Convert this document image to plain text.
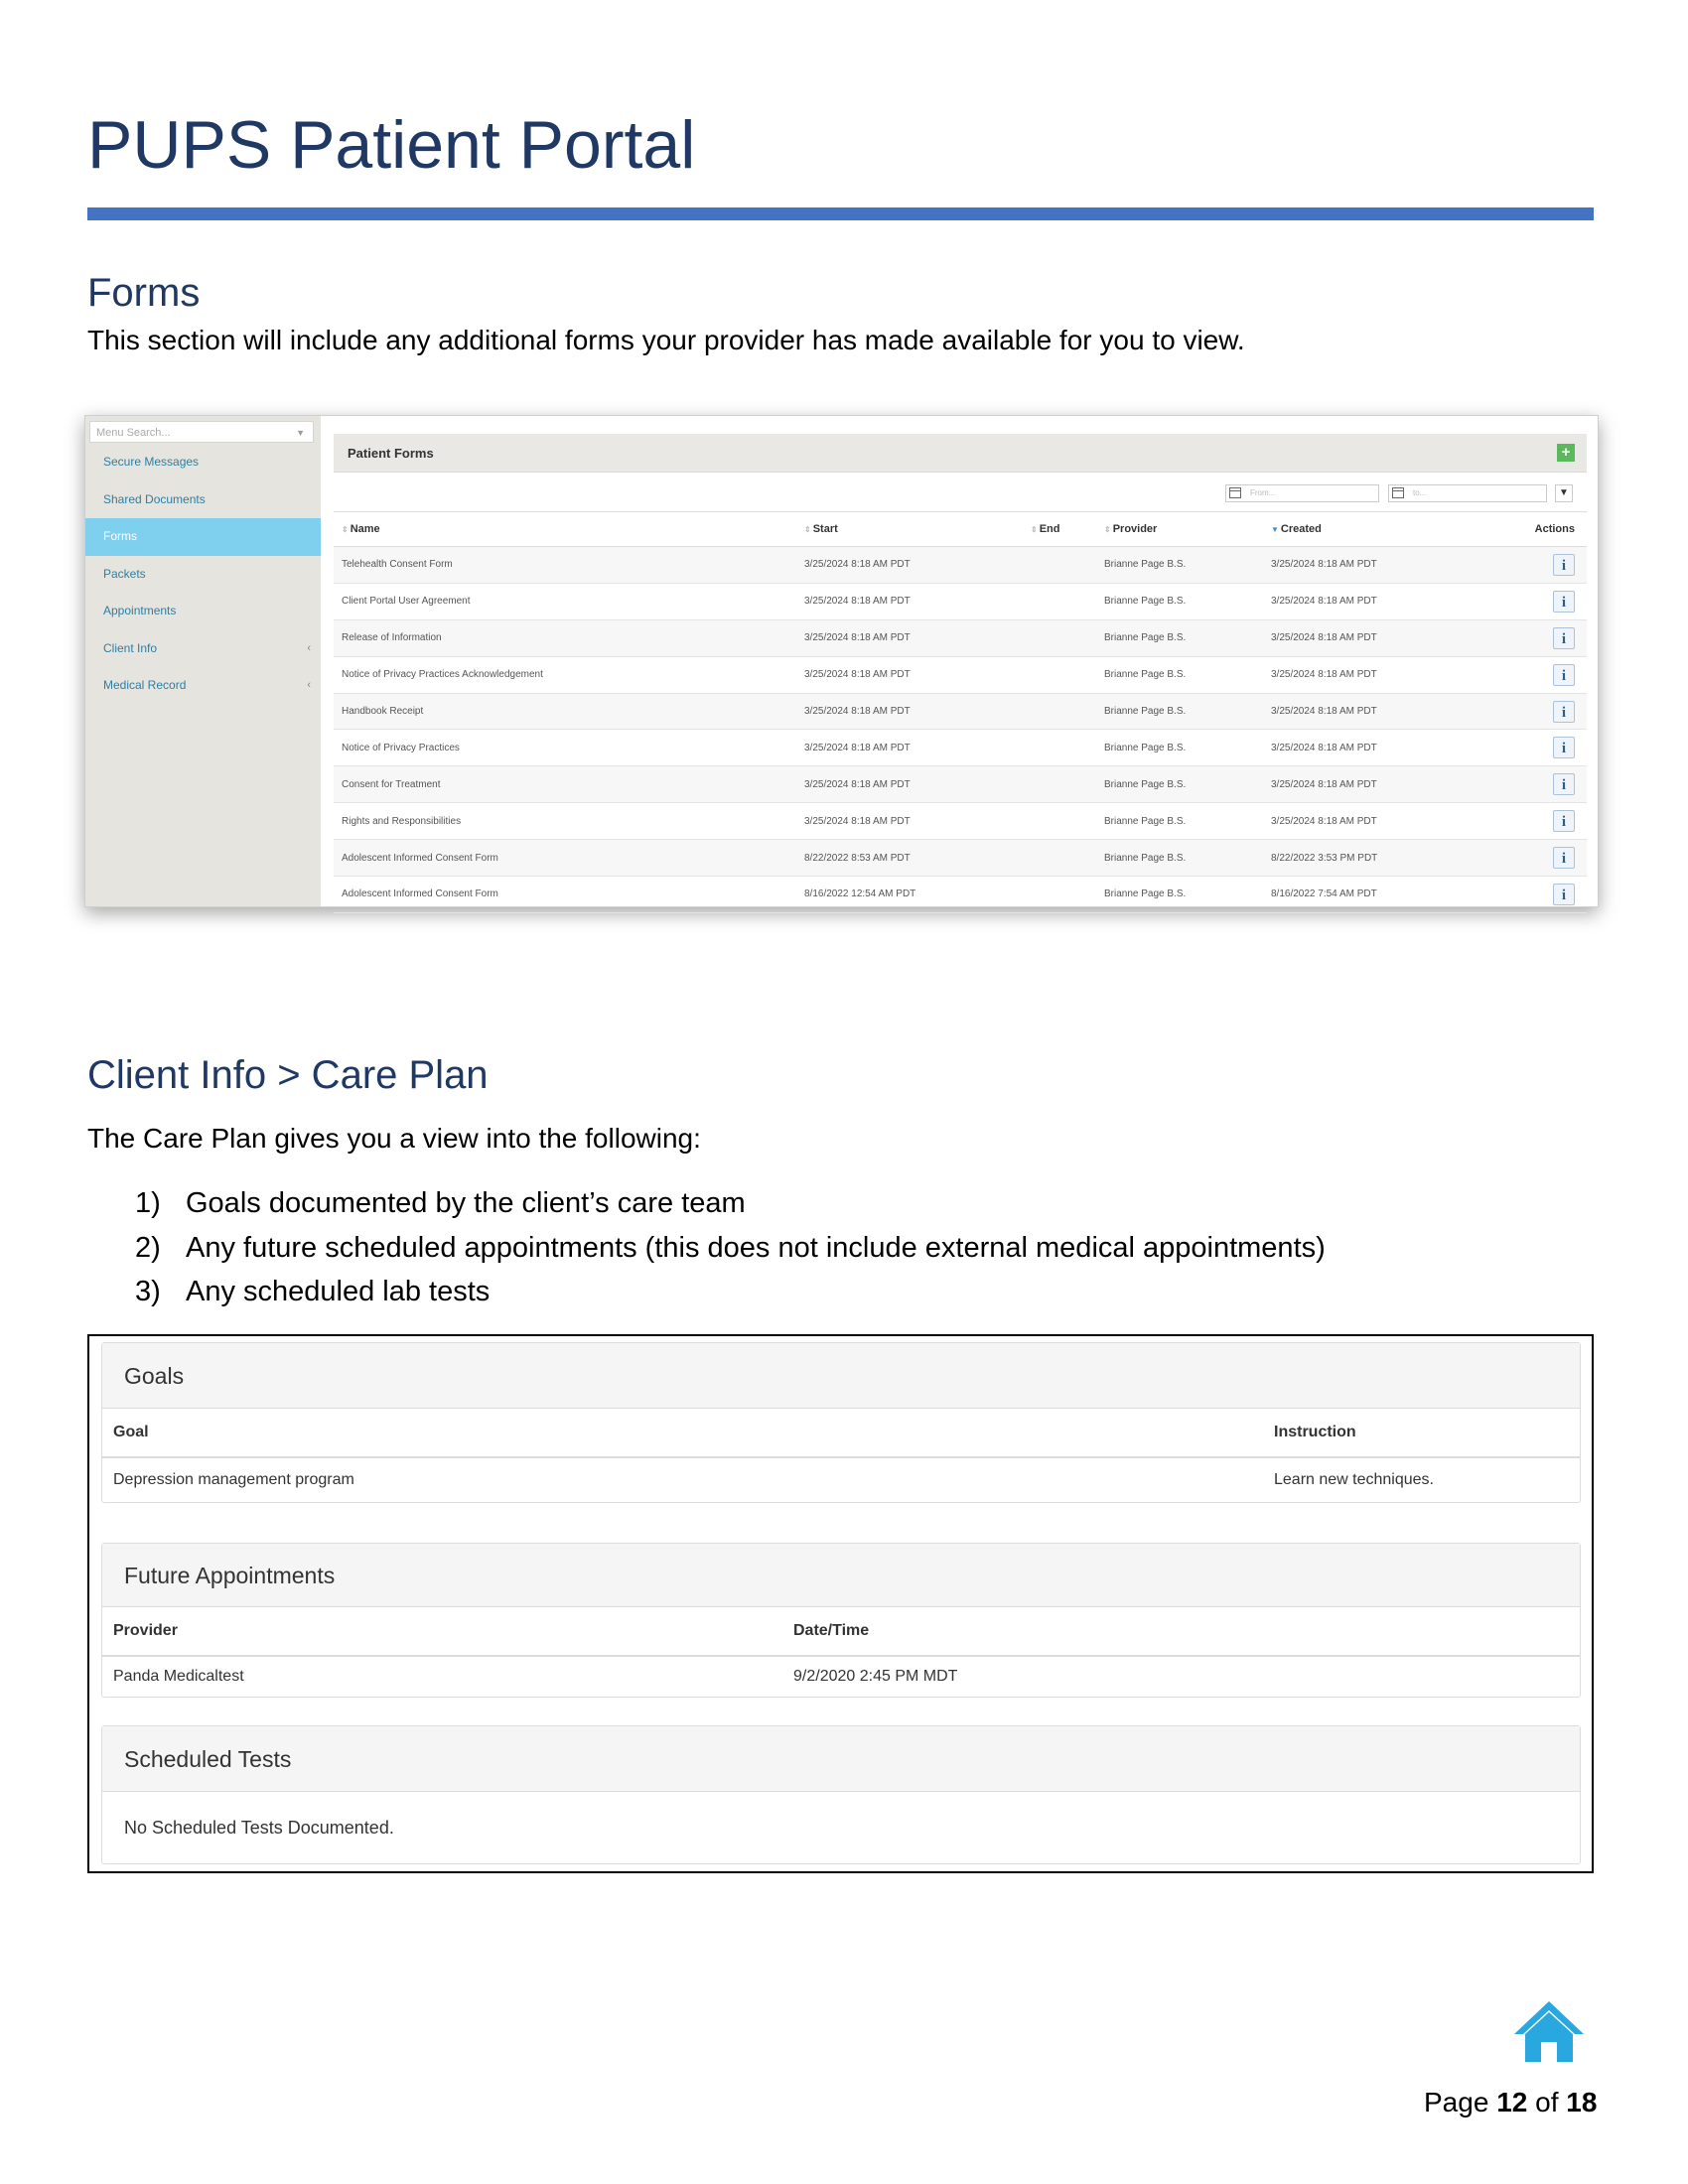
PUPS Patient Portal
Forms
This section will include any additional forms your provider has made available for you to view.
Menu Search...	▼
Secure Messages
Shared Documents
Forms
Packets
Appointments
Client Info	‹
Medical Record	‹
Patient Forms	+
From...	to...	▼
⇕ Name	⇕ Start	⇕ End	⇕ Provider	▼ Created	Actions
Telehealth Consent Form	3/25/2024 8:18 AM PDT		Brianne Page B.S.	3/25/2024 8:18 AM PDT	i
Client Portal User Agreement	3/25/2024 8:18 AM PDT		Brianne Page B.S.	3/25/2024 8:18 AM PDT	i
Release of Information	3/25/2024 8:18 AM PDT		Brianne Page B.S.	3/25/2024 8:18 AM PDT	i
Notice of Privacy Practices Acknowledgement	3/25/2024 8:18 AM PDT		Brianne Page B.S.	3/25/2024 8:18 AM PDT	i
Handbook Receipt	3/25/2024 8:18 AM PDT		Brianne Page B.S.	3/25/2024 8:18 AM PDT	i
Notice of Privacy Practices	3/25/2024 8:18 AM PDT		Brianne Page B.S.	3/25/2024 8:18 AM PDT	i
Consent for Treatment	3/25/2024 8:18 AM PDT		Brianne Page B.S.	3/25/2024 8:18 AM PDT	i
Rights and Responsibilities	3/25/2024 8:18 AM PDT		Brianne Page B.S.	3/25/2024 8:18 AM PDT	i
Adolescent Informed Consent Form	8/22/2022 8:53 AM PDT		Brianne Page B.S.	8/22/2022 3:53 PM PDT	i
Adolescent Informed Consent Form	8/16/2022 12:54 AM PDT		Brianne Page B.S.	8/16/2022 7:54 AM PDT	i
Client Info > Care Plan
The Care Plan gives you a view into the following:
1) Goals documented by the client’s care team
2) Any future scheduled appointments (this does not include external medical appointments)
3) Any scheduled lab tests
Goals
Goal	Instruction
Depression management program	Learn new techniques.
Future Appointments
Provider	Date/Time
Panda Medicaltest	9/2/2020 2:45 PM MDT
Scheduled Tests
No Scheduled Tests Documented.
Page 12 of 18
